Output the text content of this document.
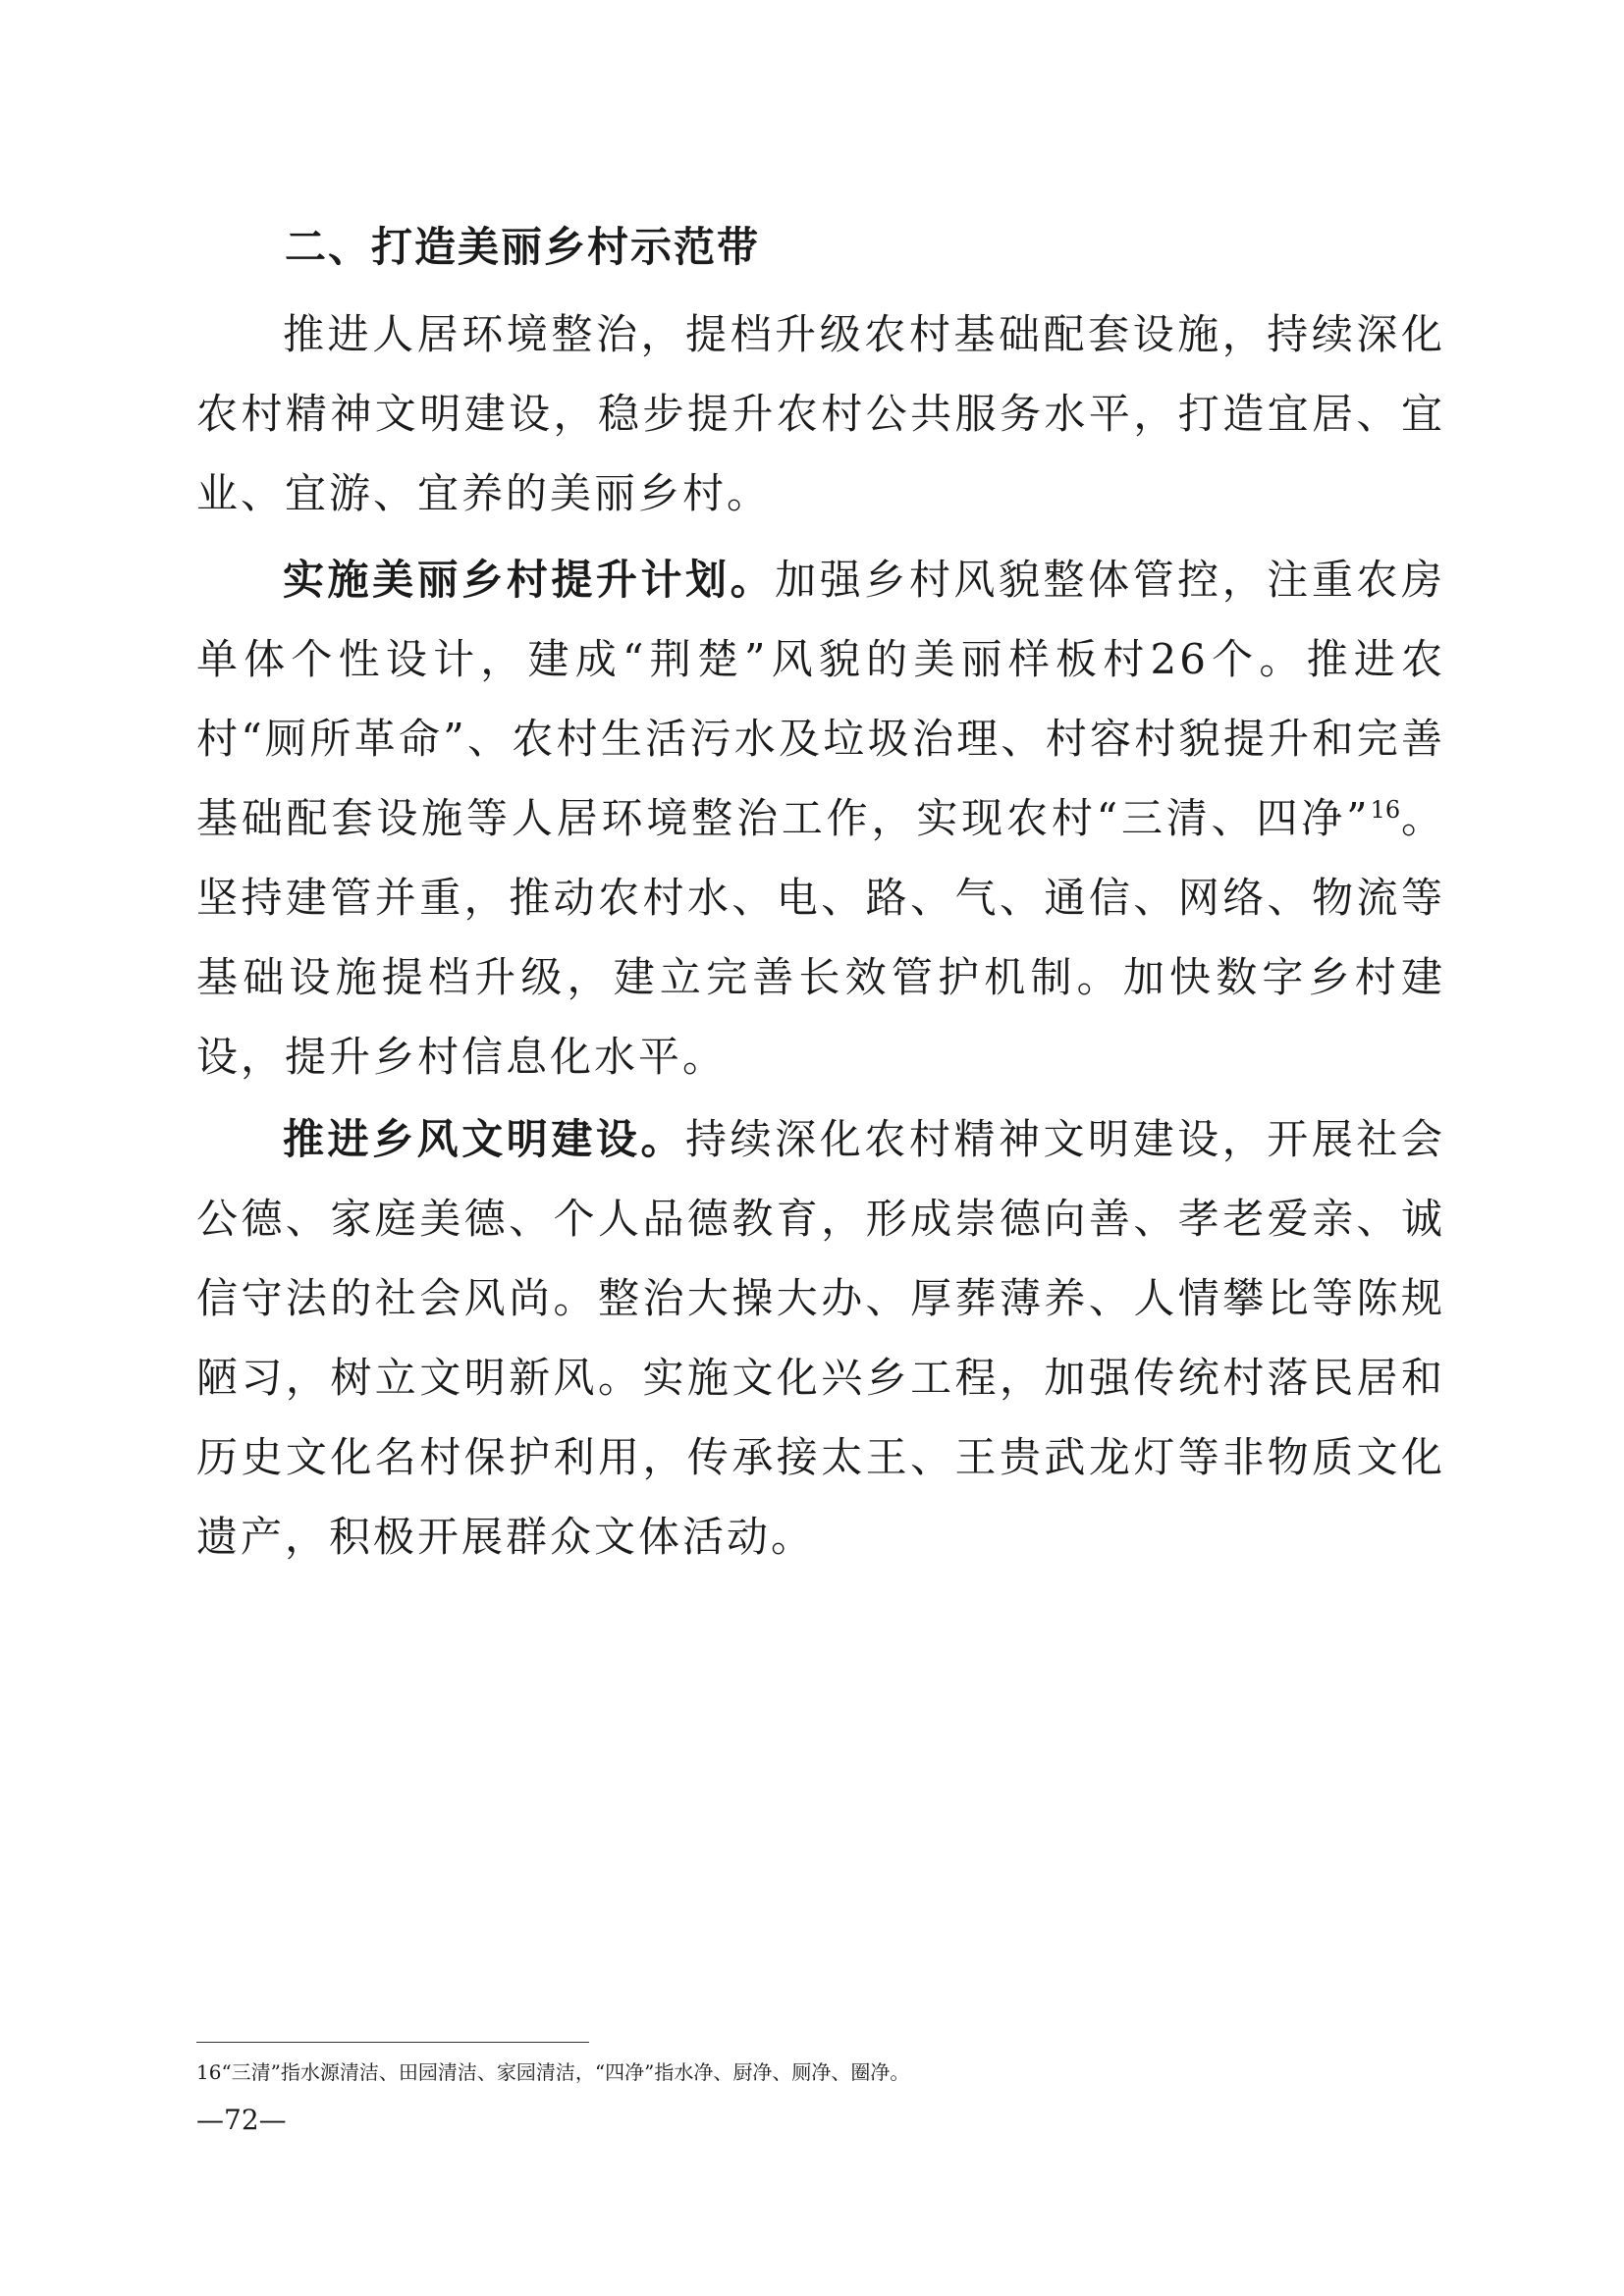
二、打造美丽乡村示范带

推进人居环境整治，提档升级农村基础配套设施，持续深化农村精神文明建设，稳步提升农村公共服务水平，打造宜居、宜业、宜游、宜养的美丽乡村。

实施美丽乡村提升计划。加强乡村风貌整体管控，注重农房单体个性设计，建成“荆楚”风貌的美丽样板村26个。推进农村“厕所革命”、农村生活污水及垃圾治理、村容村貌提升和完善基础配套设施等人居环境整治工作，实现农村“三清、四净”$^{16}$。坚持建管并重，推动农村水、电、路、气、通信、网络、物流等基础设施提档升级，建立完善长效管护机制。加快数字乡村建设，提升乡村信息化水平。

推进乡风文明建设。持续深化农村精神文明建设，开展社会公德、家庭美德、个人品德教育，形成崇德向善、孝老爱亲、诚信守法的社会风尚。整治大操大办、厚葬薄养、人情攀比等陈规陋习，树立文明新风。实施文化兴乡工程，加强传统村落民居和历史文化名村保护利用，传承接太王、王贵武龙灯等非物质文化遗产，积极开展群众文体活动。

16“三清”指水源清洁、田园清洁、家园清洁，“四净”指水净、厨净、厕净、圈净。

—72—
